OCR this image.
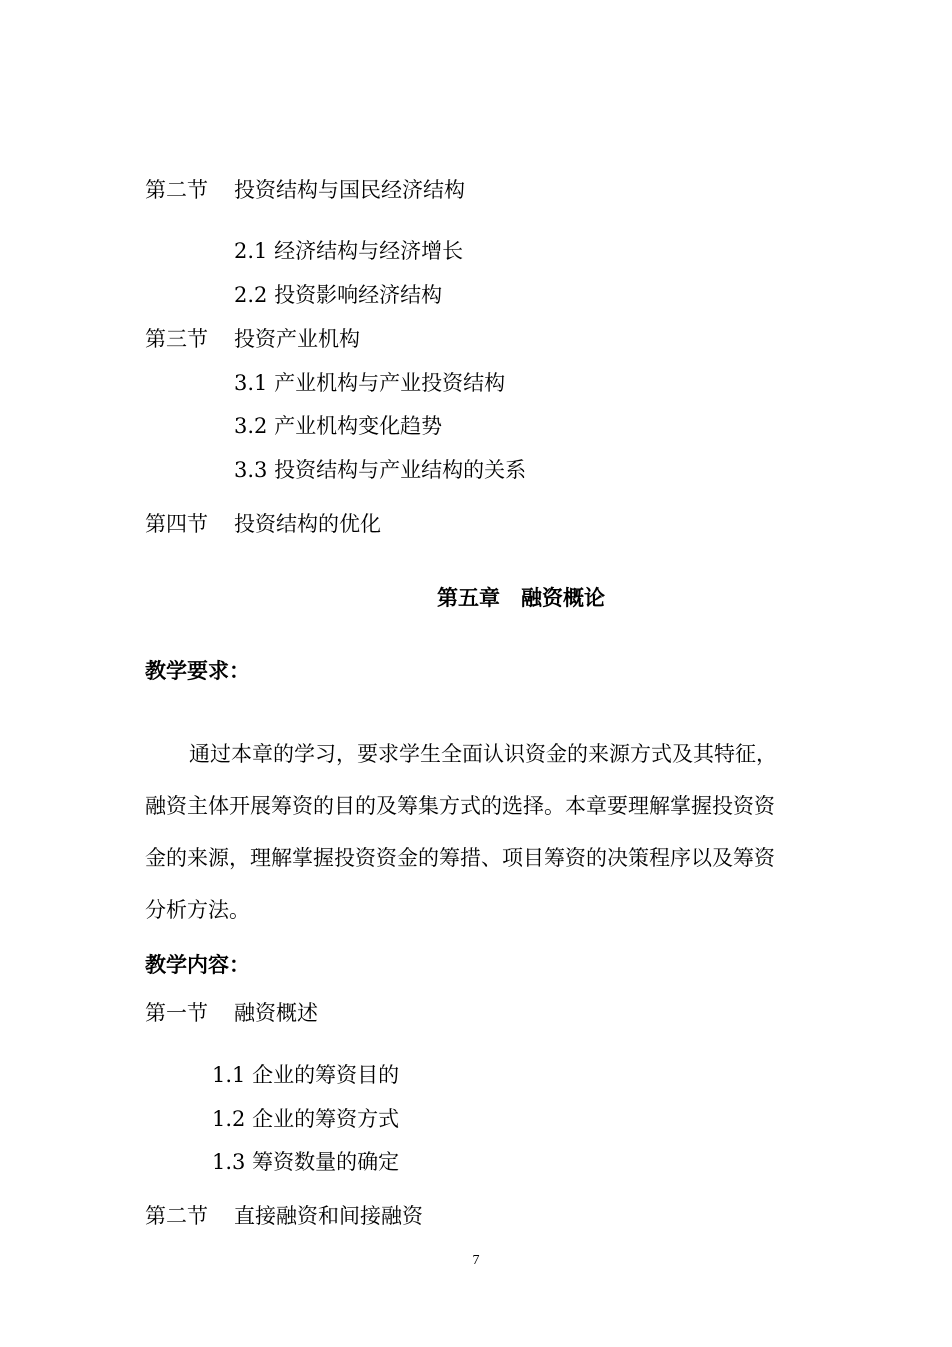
第二节 投资结构与国民经济结构
2.1 经济结构与经济增长
2.2 投资影响经济结构
第三节 投资产业机构
3.1 产业机构与产业投资结构
3.2 产业机构变化趋势
3.3 投资结构与产业结构的关系
第四节 投资结构的优化
第五章　融资概论
教学要求：
通过本章的学习，要求学生全面认识资金的来源方式及其特征，
融资主体开展筹资的目的及筹集方式的选择。本章要理解掌握投资资
金的来源，理解掌握投资资金的筹措、项目筹资的决策程序以及筹资
分析方法。
教学内容：
第一节 融资概述
1.1 企业的筹资目的
1.2 企业的筹资方式
1.3 筹资数量的确定
第二节 直接融资和间接融资
7
